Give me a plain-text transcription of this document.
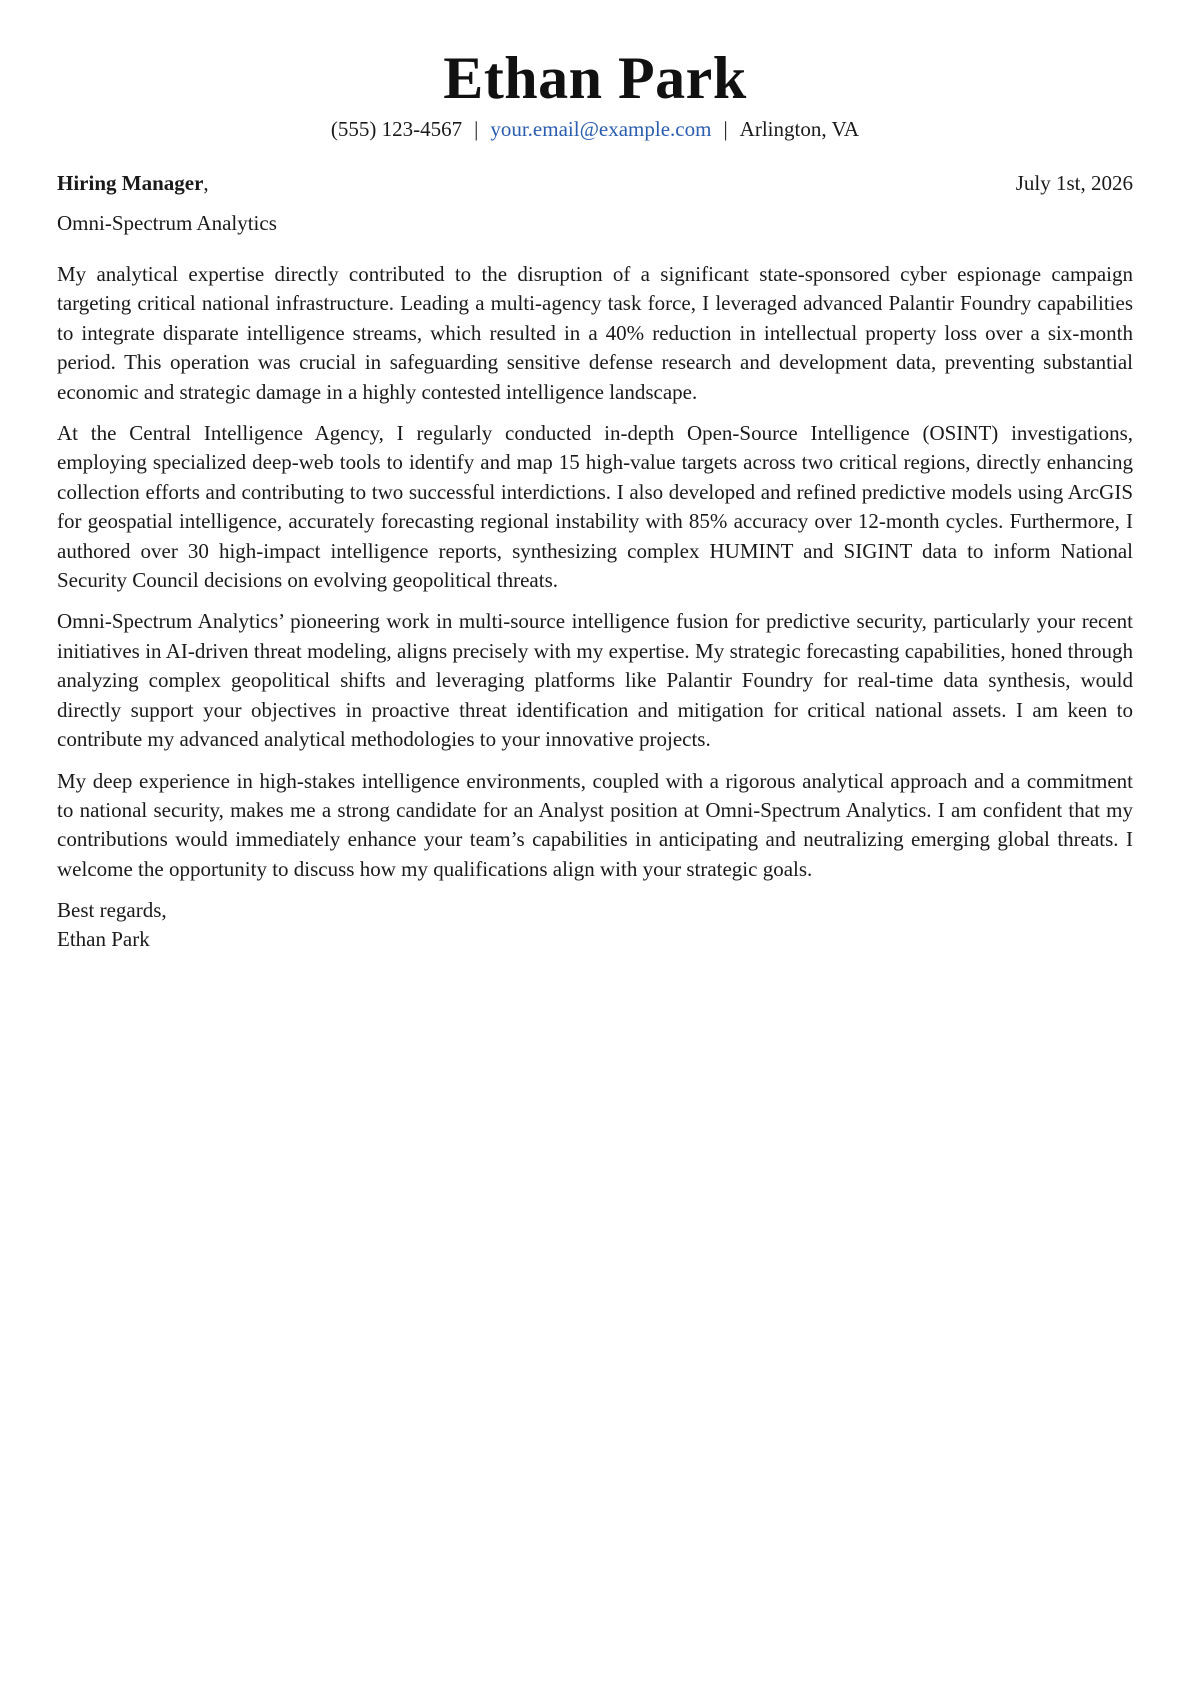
Ethan Park
(555) 123-4567 | your.email@example.com | Arlington, VA
Hiring Manager,	July 1st, 2026
Omni-Spectrum Analytics

My analytical expertise directly contributed to the disruption of a significant state-sponsored cyber espionage campaign targeting critical national infrastructure. Leading a multi-agency task force, I leveraged advanced Palantir Foundry capabilities to integrate disparate intelligence streams, which resulted in a 40% reduction in intellectual property loss over a six-month period. This operation was crucial in safeguarding sensitive defense research and development data, preventing substantial economic and strategic damage in a highly contested intelligence landscape.

At the Central Intelligence Agency, I regularly conducted in-depth Open-Source Intelligence (OSINT) investigations, employing specialized deep-web tools to identify and map 15 high-value targets across two critical regions, directly enhancing collection efforts and contributing to two successful interdictions. I also developed and refined predictive models using ArcGIS for geospatial intelligence, accurately forecasting regional instability with 85% accuracy over 12-month cycles. Furthermore, I authored over 30 high-impact intelligence reports, synthesizing complex HUMINT and SIGINT data to inform National Security Council decisions on evolving geopolitical threats.

Omni-Spectrum Analytics’ pioneering work in multi-source intelligence fusion for predictive security, particularly your recent initiatives in AI-driven threat modeling, aligns precisely with my expertise. My strategic forecasting capabilities, honed through analyzing complex geopolitical shifts and leveraging platforms like Palantir Foundry for real-time data synthesis, would directly support your objectives in proactive threat identification and mitigation for critical national assets. I am keen to contribute my advanced analytical methodologies to your innovative projects.

My deep experience in high-stakes intelligence environments, coupled with a rigorous analytical approach and a commitment to national security, makes me a strong candidate for an Analyst position at Omni-Spectrum Analytics. I am confident that my contributions would immediately enhance your team’s capabilities in anticipating and neutralizing emerging global threats. I welcome the opportunity to discuss how my qualifications align with your strategic goals.

Best regards,
Ethan Park
